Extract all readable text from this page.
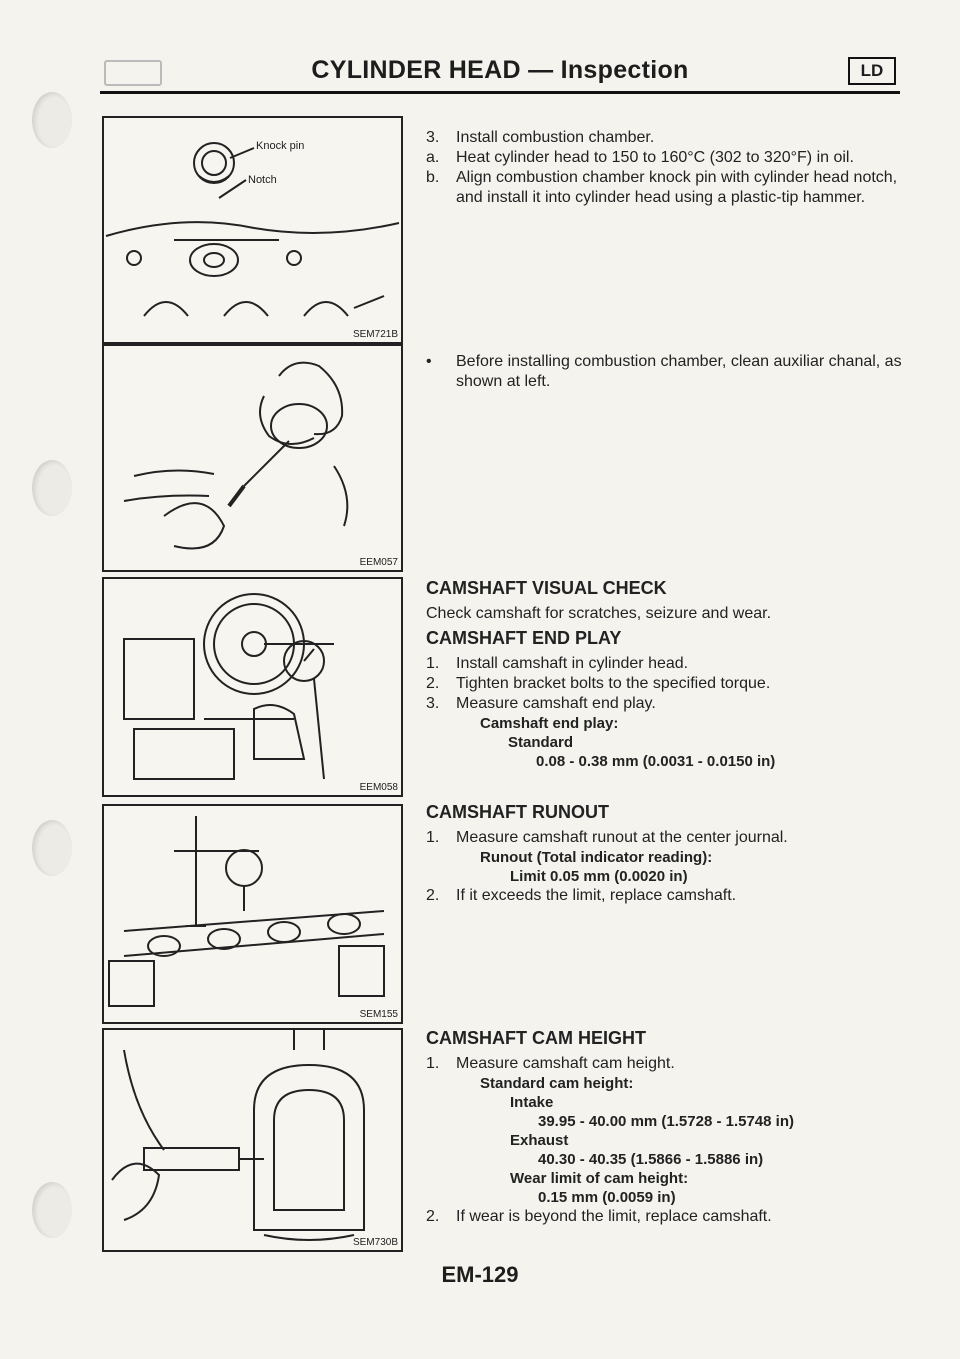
CYLINDER HEAD — Inspection	LD
Knock pin
Notch
SEM721B
EEM057
EEM058
SEM155
SEM730B
3. Install combustion chamber.
a. Heat cylinder head to 150 to 160°C (302 to 320°F) in oil.
b. Align combustion chamber knock pin with cylinder head notch, and install it into cylinder head using a plastic-tip hammer.
• Before installing combustion chamber, clean auxiliar chanal, as shown at left.
CAMSHAFT VISUAL CHECK
Check camshaft for scratches, seizure and wear.
CAMSHAFT END PLAY
1. Install camshaft in cylinder head.
2. Tighten bracket bolts to the specified torque.
3. Measure camshaft end play.
Camshaft end play:
Standard
0.08 - 0.38 mm (0.0031 - 0.0150 in)
CAMSHAFT RUNOUT
1. Measure camshaft runout at the center journal.
Runout (Total indicator reading):
Limit 0.05 mm (0.0020 in)
2. If it exceeds the limit, replace camshaft.
CAMSHAFT CAM HEIGHT
1. Measure camshaft cam height.
Standard cam height:
Intake
39.95 - 40.00 mm (1.5728 - 1.5748 in)
Exhaust
40.30 - 40.35 (1.5866 - 1.5886 in)
Wear limit of cam height:
0.15 mm (0.0059 in)
2. If wear is beyond the limit, replace camshaft.
EM-129
